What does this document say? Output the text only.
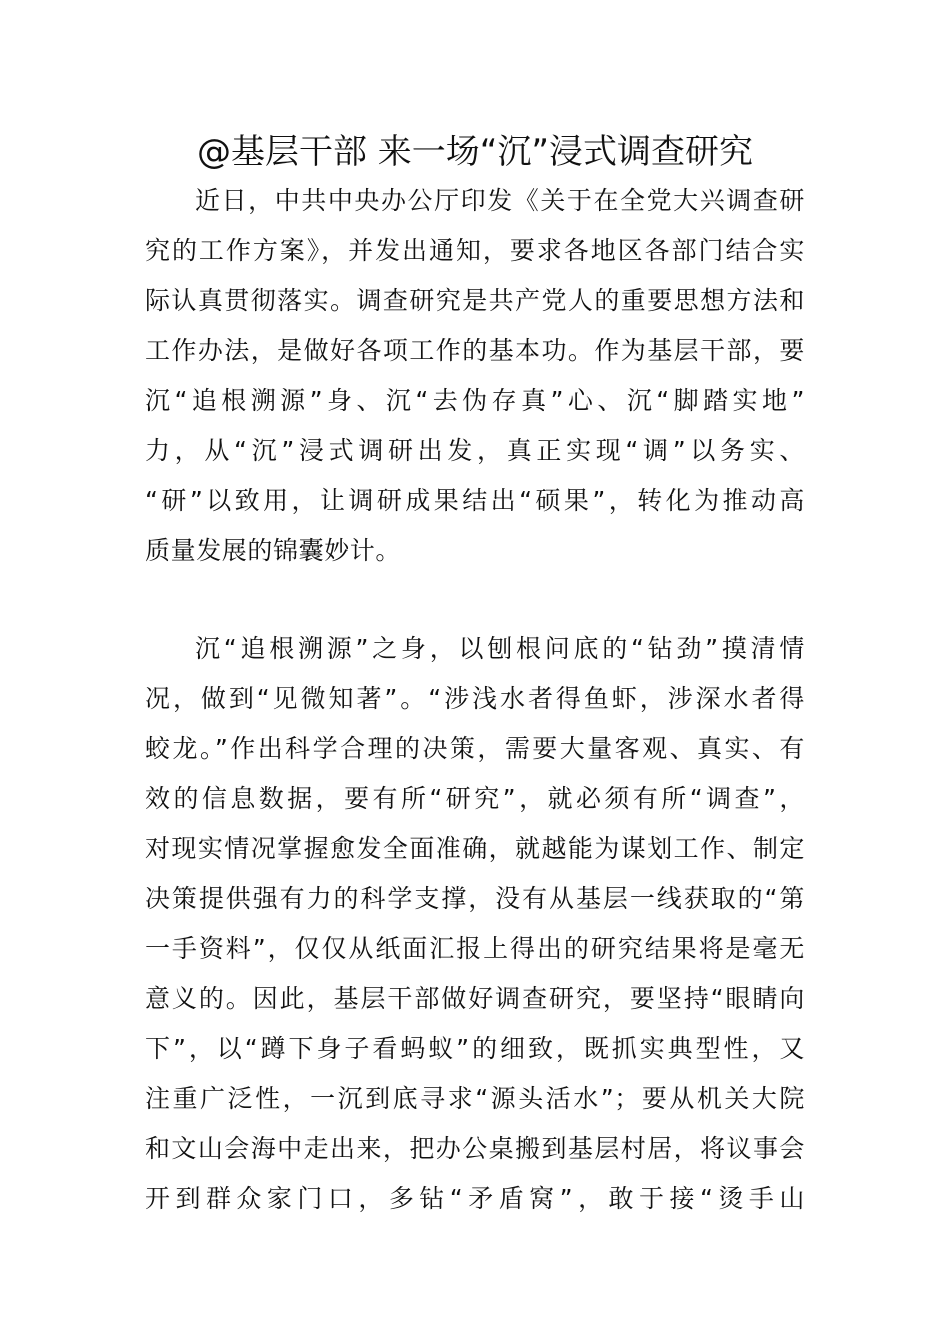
@基层干部 来一场“沉”浸式调查研究
近日，中共中央办公厅印发《关于在全党大兴调查研
究的工作方案》，并发出通知，要求各地区各部门结合实
际认真贯彻落实。调查研究是共产党人的重要思想方法和
工作办法，是做好各项工作的基本功。作为基层干部，要
沉“追根溯源”身、沉“去伪存真”心、沉“脚踏实地”
力，从“沉”浸式调研出发，真正实现“调”以务实、
“研”以致用，让调研成果结出“硕果”，转化为推动高
质量发展的锦囊妙计。
沉“追根溯源”之身，以刨根问底的“钻劲”摸清情
况，做到“见微知著”。“涉浅水者得鱼虾，涉深水者得
蛟龙。”作出科学合理的决策，需要大量客观、真实、有
效的信息数据，要有所“研究”，就必须有所“调查”，
对现实情况掌握愈发全面准确，就越能为谋划工作、制定
决策提供强有力的科学支撑，没有从基层一线获取的“第
一手资料”，仅仅从纸面汇报上得出的研究结果将是毫无
意义的。因此，基层干部做好调查研究，要坚持“眼睛向
下”，以“蹲下身子看蚂蚁”的细致，既抓实典型性，又
注重广泛性，一沉到底寻求“源头活水”；要从机关大院
和文山会海中走出来，把办公桌搬到基层村居，将议事会
开到群众家门口，多钻“矛盾窝”，敢于接“烫手山
